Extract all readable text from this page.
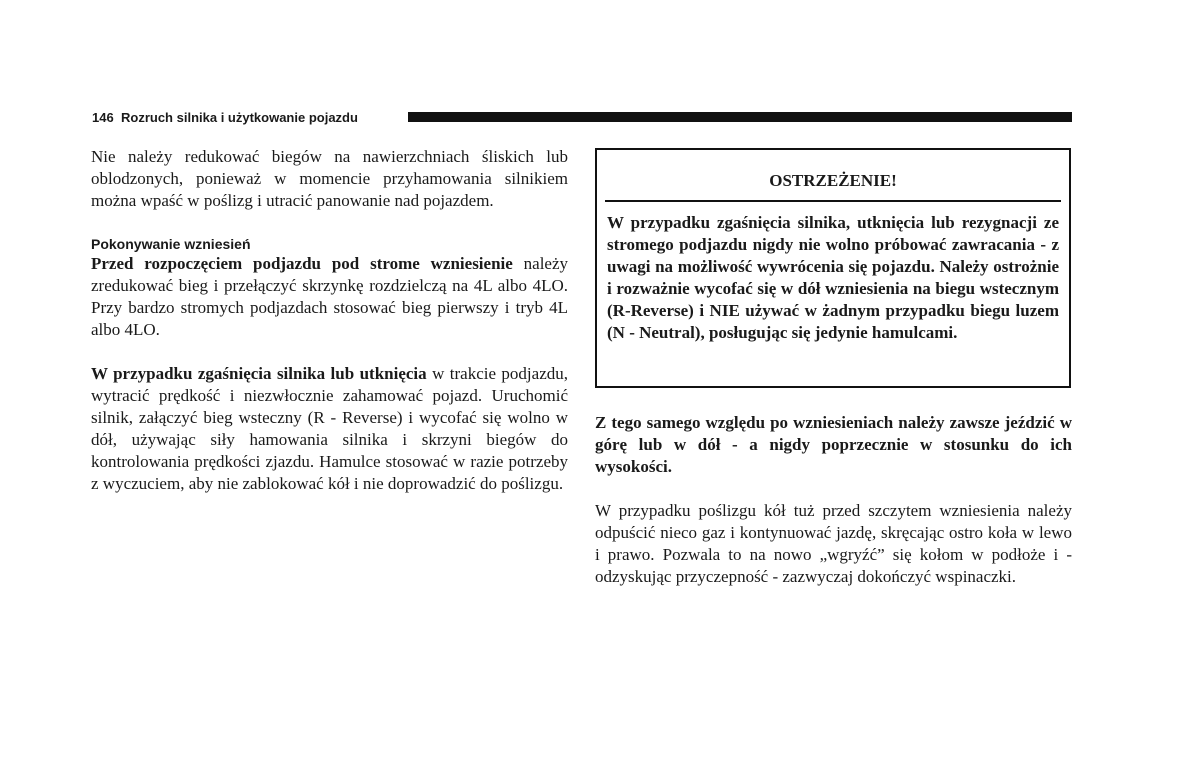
146 Rozruch silnika i użytkowanie pojazdu

Nie należy redukować biegów na nawierzchniach śliskich lub oblodzonych, ponieważ w momencie przyhamowania silnikiem można wpaść w poślizg i utracić panowanie nad pojazdem.

Pokonywanie wzniesień

Przed rozpoczęciem podjazdu pod strome wzniesienie należy zredukować bieg i przełączyć skrzynkę rozdzielczą na 4L albo 4LO. Przy bardzo stromych podjazdach stosować bieg pierwszy i tryb 4L albo 4LO.

W przypadku zgaśnięcia silnika lub utknięcia w trakcie podjazdu, wytracić prędkość i niezwłocznie zahamować pojazd. Uruchomić silnik, załączyć bieg wsteczny (R - Reverse) i wycofać się wolno w dół, używając siły hamowania silnika i skrzyni biegów do kontrolowania prędkości zjazdu. Hamulce stosować w razie potrzeby z wyczuciem, aby nie zablokować kół i nie doprowadzić do poślizgu.

OSTRZEŻENIE!
W przypadku zgaśnięcia silnika, utknięcia lub rezygnacji ze stromego podjazdu nigdy nie wolno próbować zawracania - z uwagi na możliwość wywrócenia się pojazdu. Należy ostrożnie i rozważnie wycofać się w dół wzniesienia na biegu wstecznym (R-Reverse) i NIE używać w żadnym przypadku biegu luzem (N - Neutral), posługując się jedynie hamulcami.

Z tego samego względu po wzniesieniach należy zawsze jeździć w górę lub w dół - a nigdy poprzecznie w stosunku do ich wysokości.

W przypadku poślizgu kół tuż przed szczytem wzniesienia należy odpuścić nieco gaz i kontynuować jazdę, skręcając ostro koła w lewo i prawo. Pozwala to na nowo „wgryźć” się kołom w podłoże i - odzyskując przyczepność - zazwyczaj dokończyć wspinaczki.
